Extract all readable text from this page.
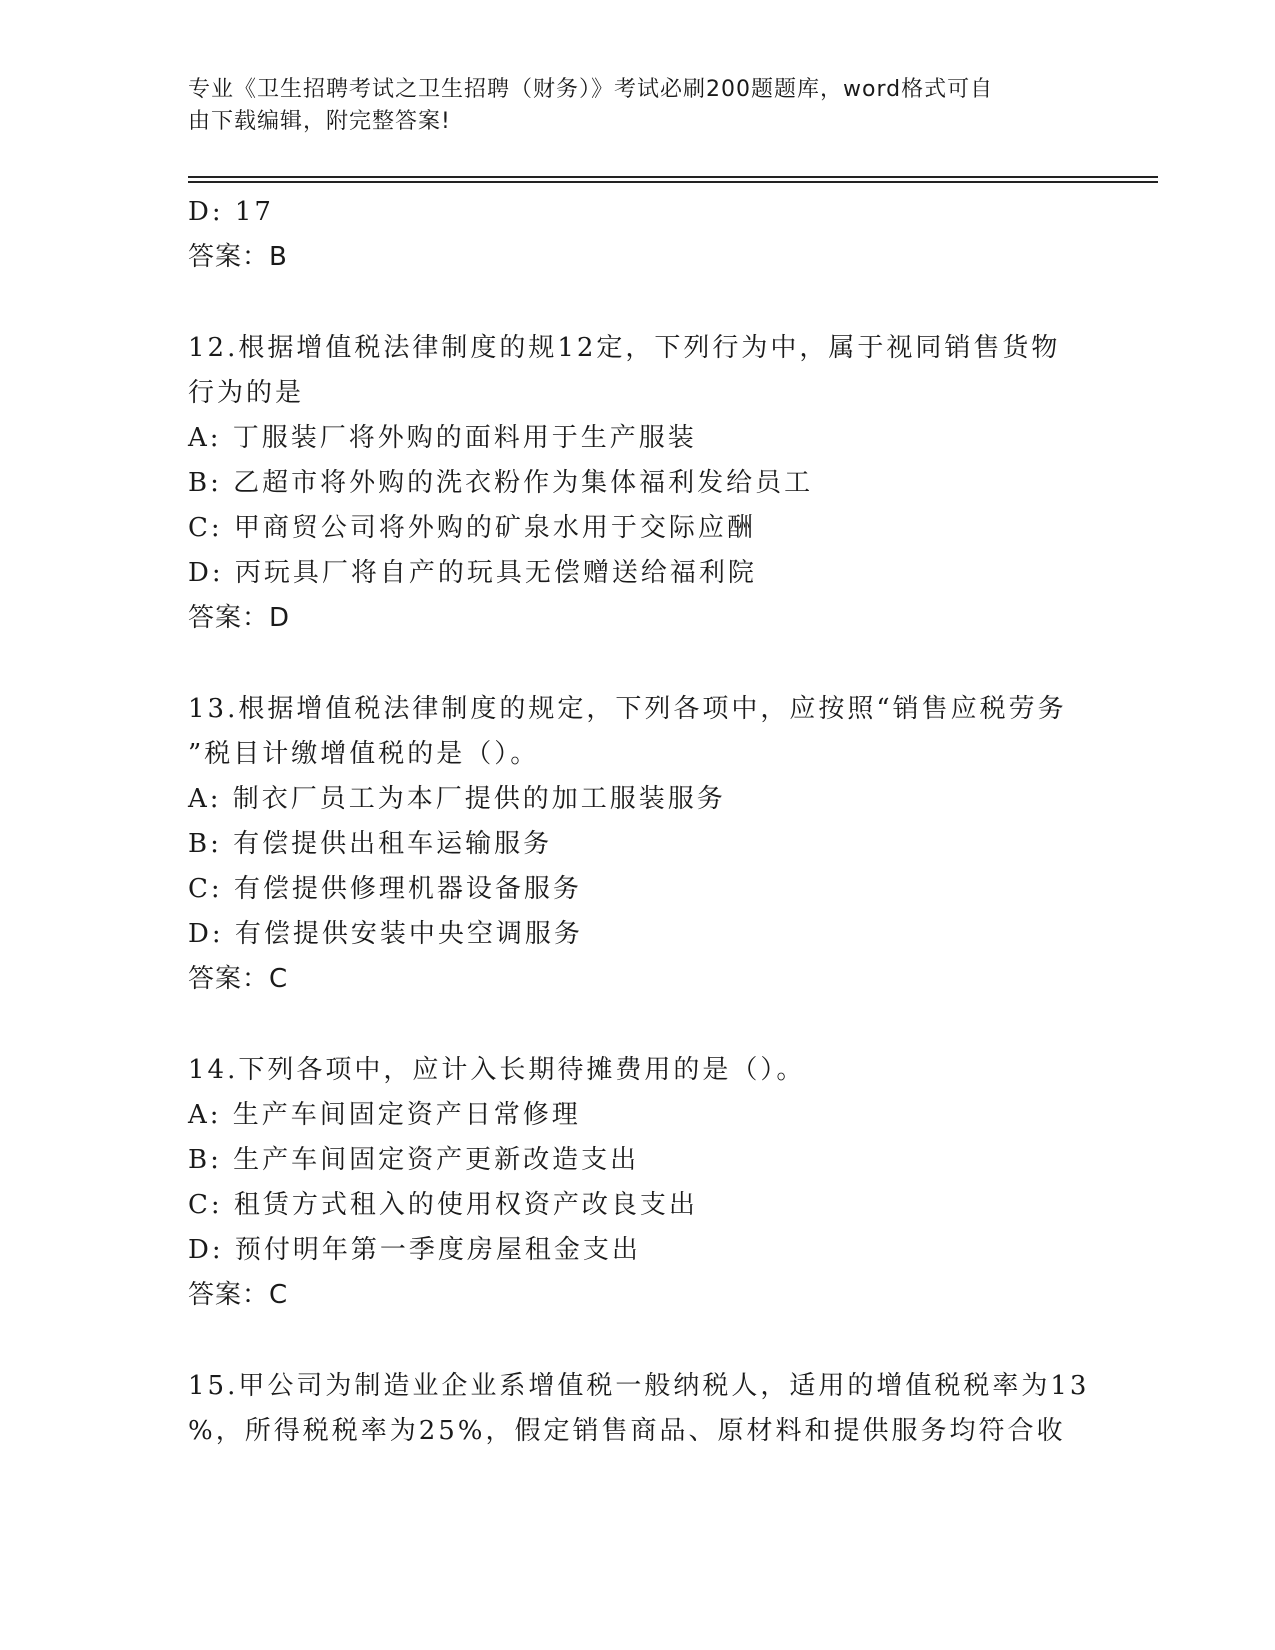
专业《卫生招聘考试之卫生招聘（财务）》考试必刷200题题库，word格式可自
由下载编辑，附完整答案!
D: 17
答案：B
12.根据增值税法律制度的规12定，下列行为中，属于视同销售货物
行为的是
A: 丁服装厂将外购的面料用于生产服装
B: 乙超市将外购的洗衣粉作为集体福利发给员工
C: 甲商贸公司将外购的矿泉水用于交际应酬
D: 丙玩具厂将自产的玩具无偿赠送给福利院
答案：D
13.根据增值税法律制度的规定，下列各项中，应按照“销售应税劳务
”税目计缴增值税的是（）。
A: 制衣厂员工为本厂提供的加工服装服务
B: 有偿提供出租车运输服务
C: 有偿提供修理机器设备服务
D: 有偿提供安装中央空调服务
答案：C
14.下列各项中，应计入长期待摊费用的是（）。
A: 生产车间固定资产日常修理
B: 生产车间固定资产更新改造支出
C: 租赁方式租入的使用权资产改良支出
D: 预付明年第一季度房屋租金支出
答案：C
15.甲公司为制造业企业系增值税一般纳税人，适用的增值税税率为13
%，所得税税率为25%，假定销售商品、原材料和提供服务均符合收
